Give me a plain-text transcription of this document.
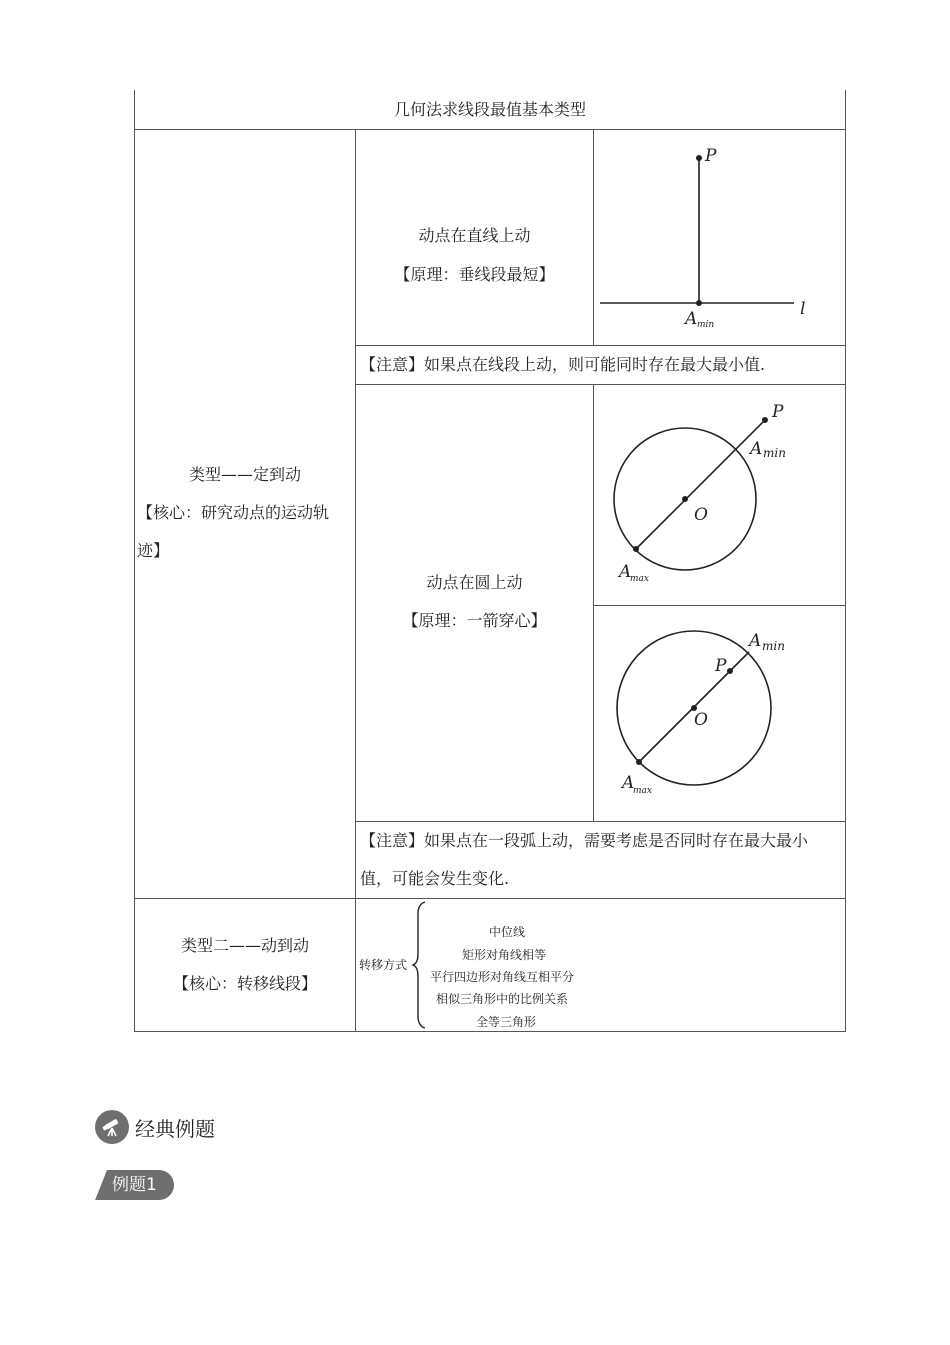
几何法求线段最值基本类型
类型——定到动
【核心：研究动点的运动轨
迹】
动点在直线上动
【原理：垂线段最短】
P
l
A min
【注意】如果点在线段上动，则可能同时存在最大最小值.
动点在圆上动
【原理：一箭穿心】
P
O
A min
A
max
P
O
A min
A
max
【注意】如果点在一段弧上动，需要考虑是否同时存在最大最小
值，可能会发生变化.
类型二——动到动
【核心：转移线段】
转移方式
中位线
矩形对角线相等
平行四边形对角线互相平分
相似三角形中的比例关系
全等三角形
经典例题
例题1
